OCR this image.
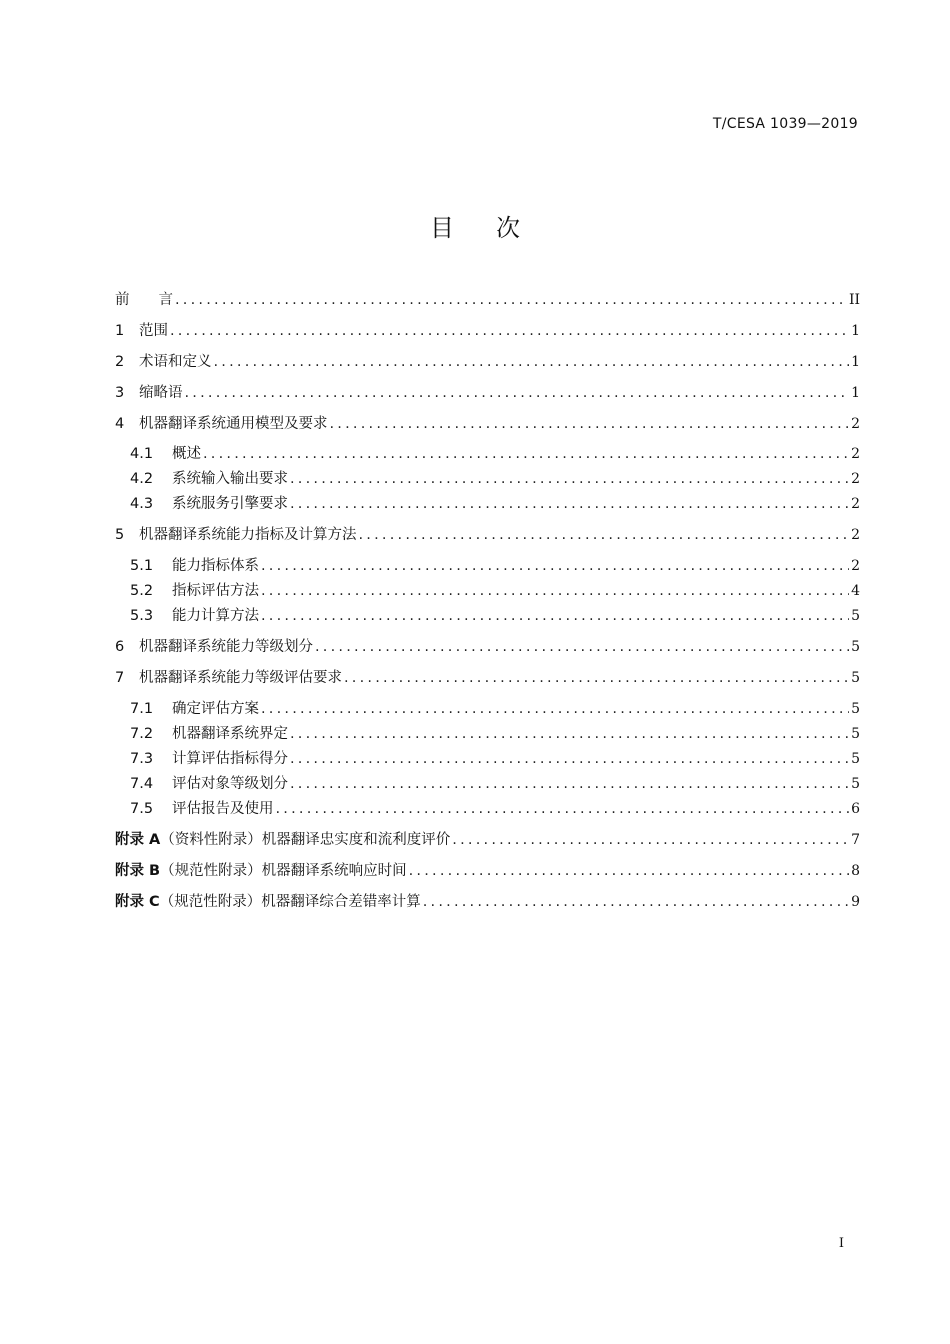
T/CESA 1039—2019
目次
前　　言 .....	II
1	范围 .....	1
2	术语和定义 .....	1
3	缩略语 .....	1
4	机器翻译系统通用模型及要求 .....	2
4.1	概述 .....	2
4.2	系统输入输出要求 .....	2
4.3	系统服务引擎要求 .....	2
5	机器翻译系统能力指标及计算方法 .....	2
5.1	能力指标体系 .....	2
5.2	指标评估方法 .....	4
5.3	能力计算方法 .....	5
6	机器翻译系统能力等级划分 .....	5
7	机器翻译系统能力等级评估要求 .....	5
7.1	确定评估方案 .....	5
7.2	机器翻译系统界定 .....	5
7.3	计算评估指标得分 .....	5
7.4	评估对象等级划分 .....	5
7.5	评估报告及使用 .....	6
附录 A （资料性附录） 机器翻译忠实度和流利度评价 .....	7
附录 B （规范性附录） 机器翻译系统响应时间 .....	8
附录 C （规范性附录） 机器翻译综合差错率计算 .....	9
I
